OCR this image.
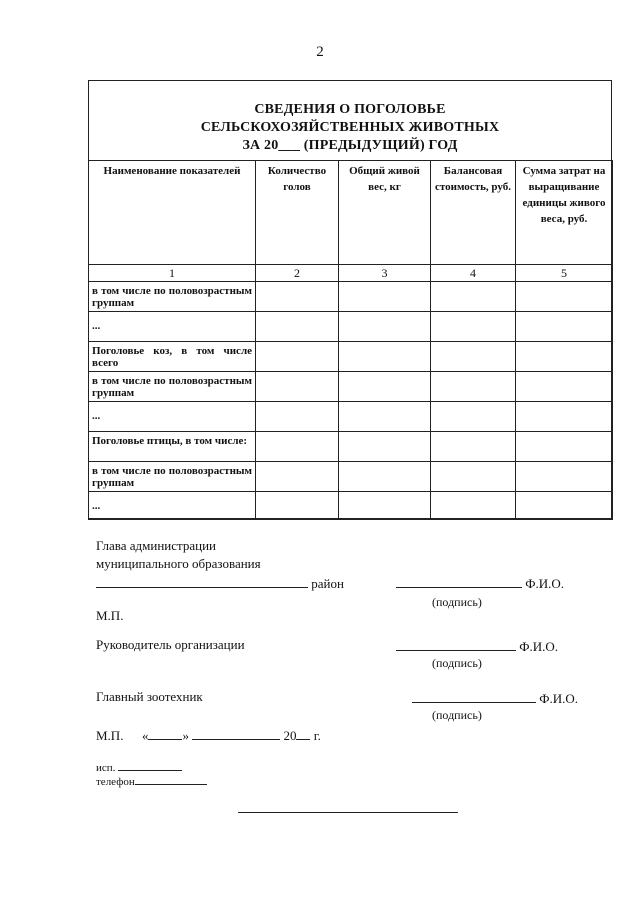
2
СВЕДЕНИЯ О ПОГОЛОВЬЕ
СЕЛЬСКОХОЗЯЙСТВЕННЫХ ЖИВОТНЫХ
ЗА 20___ (ПРЕДЫДУЩИЙ) ГОД
Наименование показателей	Количество голов	Общий живой вес, кг	Балансовая стоимость, руб.	Сумма затрат на выращивание единицы живого веса, руб.
1	2	3	4	5
в том числе по половозрастным группам				
...				
Поголовье коз, в том числе всего				
в том числе по половозрастным группам				
...				
Поголовье птицы, в том числе:				
в том числе по половозрастным группам				
...				
Глава администрации
муниципального образования
район	Ф.И.О.
(подпись)
М.П.
Руководитель организации	Ф.И.О.
(подпись)
Главный зоотехник	Ф.И.О.
(подпись)
М.П. «	»	20 г.
исп.
телефон
